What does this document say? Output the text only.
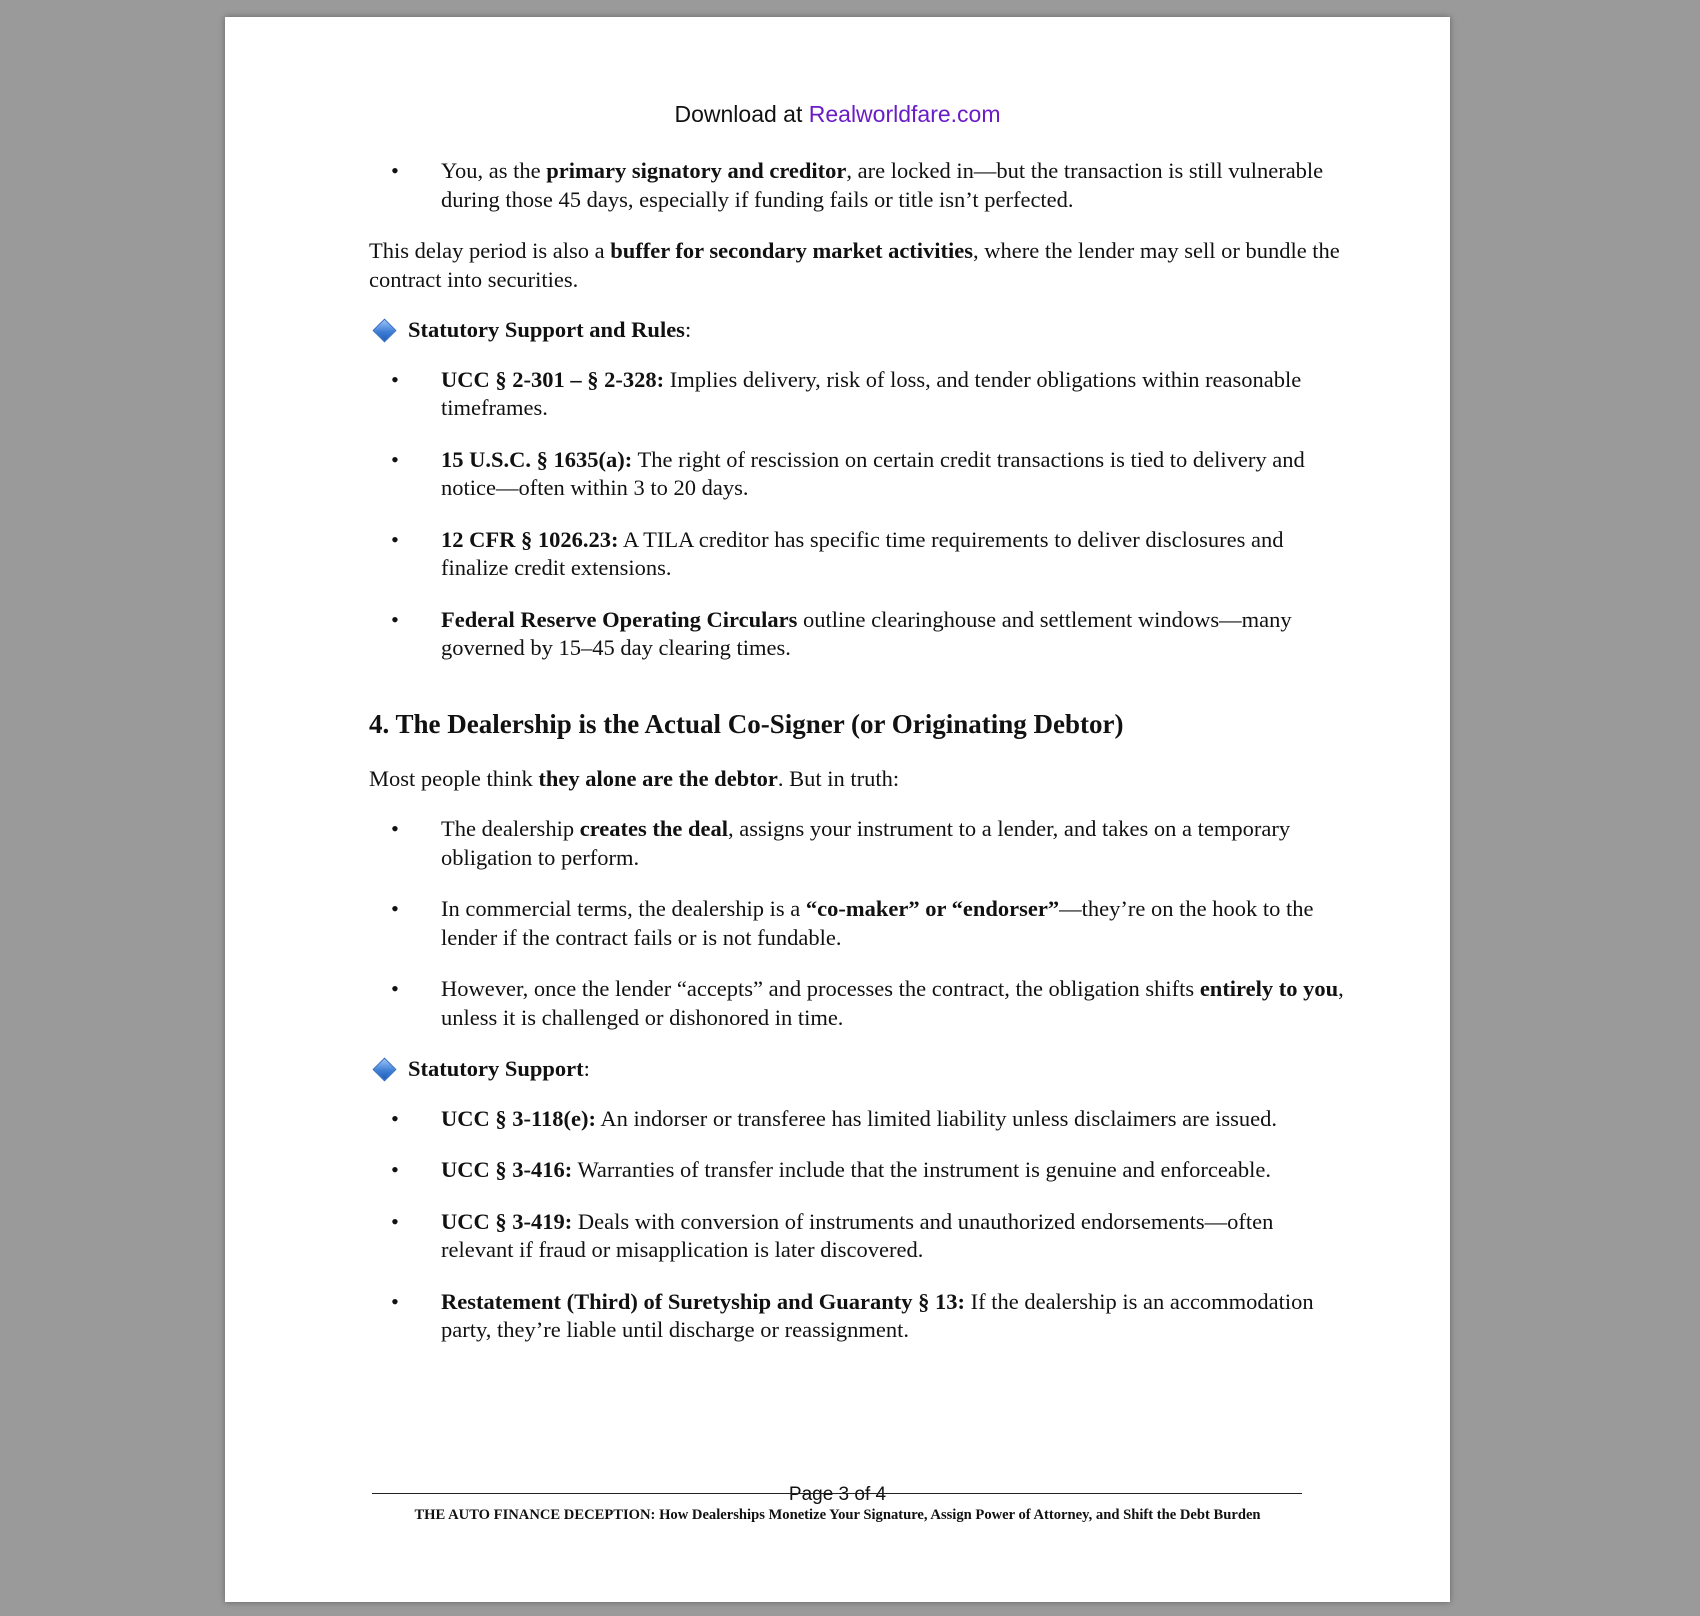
Download at Realworldfare.com
• You, as the primary signatory and creditor, are locked in—but the transaction is still vulnerable during those 45 days, especially if funding fails or title isn’t perfected.

This delay period is also a buffer for secondary market activities, where the lender may sell or bundle the contract into securities.

Statutory Support and Rules:
• UCC § 2-301 – § 2-328: Implies delivery, risk of loss, and tender obligations within reasonable timeframes.
• 15 U.S.C. § 1635(a): The right of rescission on certain credit transactions is tied to delivery and notice—often within 3 to 20 days.
• 12 CFR § 1026.23: A TILA creditor has specific time requirements to deliver disclosures and finalize credit extensions.
• Federal Reserve Operating Circulars outline clearinghouse and settlement windows—many governed by 15–45 day clearing times.
4. The Dealership is the Actual Co-Signer (or Originating Debtor)

Most people think they alone are the debtor. But in truth:

• The dealership creates the deal, assigns your instrument to a lender, and takes on a temporary obligation to perform.
• In commercial terms, the dealership is a “co-maker” or “endorser”—they’re on the hook to the lender if the contract fails or is not fundable.
• However, once the lender “accepts” and processes the contract, the obligation shifts entirely to you, unless it is challenged or dishonored in time.
Statutory Support:
• UCC § 3-118(e): An indorser or transferee has limited liability unless disclaimers are issued.
• UCC § 3-416: Warranties of transfer include that the instrument is genuine and enforceable.
• UCC § 3-419: Deals with conversion of instruments and unauthorized endorsements—often relevant if fraud or misapplication is later discovered.
• Restatement (Third) of Suretyship and Guaranty § 13: If the dealership is an accommodation party, they’re liable until discharge or reassignment.
Page 3 of 4
THE AUTO FINANCE DECEPTION: How Dealerships Monetize Your Signature, Assign Power of Attorney, and Shift the Debt Burden
